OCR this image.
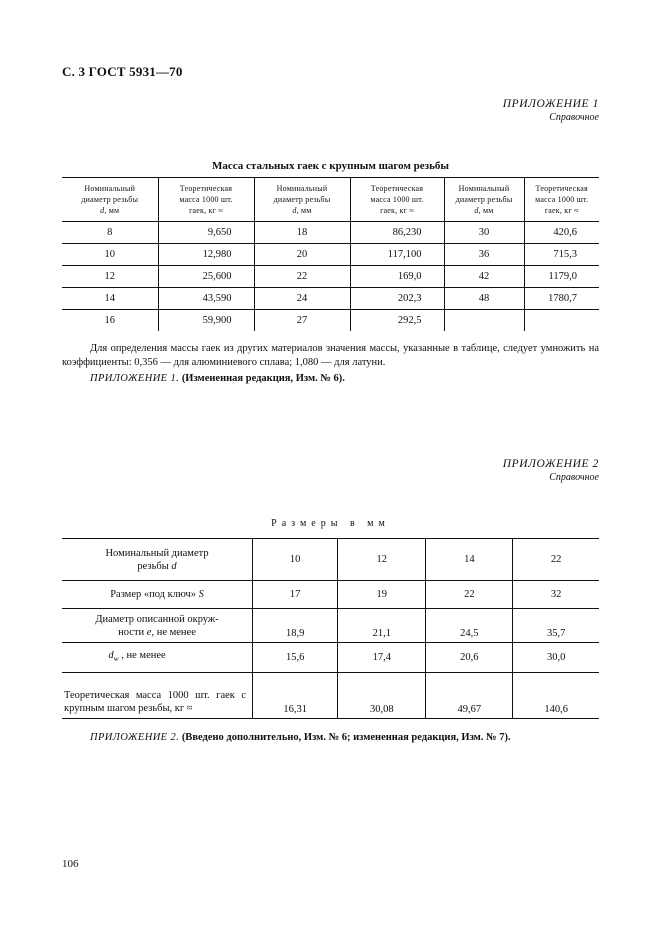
С. 3 ГОСТ 5931—70
ПРИЛОЖЕНИЕ 1
Справочное
Масса стальных гаек с крупным шагом резьбы
Номинальный
диаметр резьбы
d, мм	Теоретическая
масса 1000 шт.
гаек, кг ≈	Номинальный
диаметр резьбы
d, мм	Теоретическая
масса 1000 шт.
гаек, кг ≈	Номинальный
диаметр резьбы
d, мм	Теоретическая
масса 1000 шт.
гаек, кг ≈
8	9,650	18	86,230	30	420,6
10	12,980	20	117,100	36	715,3
12	25,600	22	169,0	42	1179,0
14	43,590	24	202,3	48	1780,7
16	59,900	27	292,5		
Для определения массы гаек из других материалов значения массы, указанные в таблице, следует умножить на коэффициенты: 0,356 — для алюминиевого сплава; 1,080 — для латуни.
ПРИЛОЖЕНИЕ 1. (Измененная редакция, Изм. № 6).
ПРИЛОЖЕНИЕ 2
Справочное
Размеры в мм
Номинальный диаметр
резьбы d	10	12	14	22
Размер «под ключ» S	17	19	22	32
Диаметр описанной окруж-
ности e, не менее	18,9	21,1	24,5	35,7
$d_w$ , не менее	15,6	17,4	20,6	30,0
Теоретическая масса 1000 шт. гаек с крупным шагом резьбы, кг ≈	16,31	30,08	49,67	140,6
ПРИЛОЖЕНИЕ 2. (Введено дополнительно, Изм. № 6; измененная редакция, Изм. № 7).
106
